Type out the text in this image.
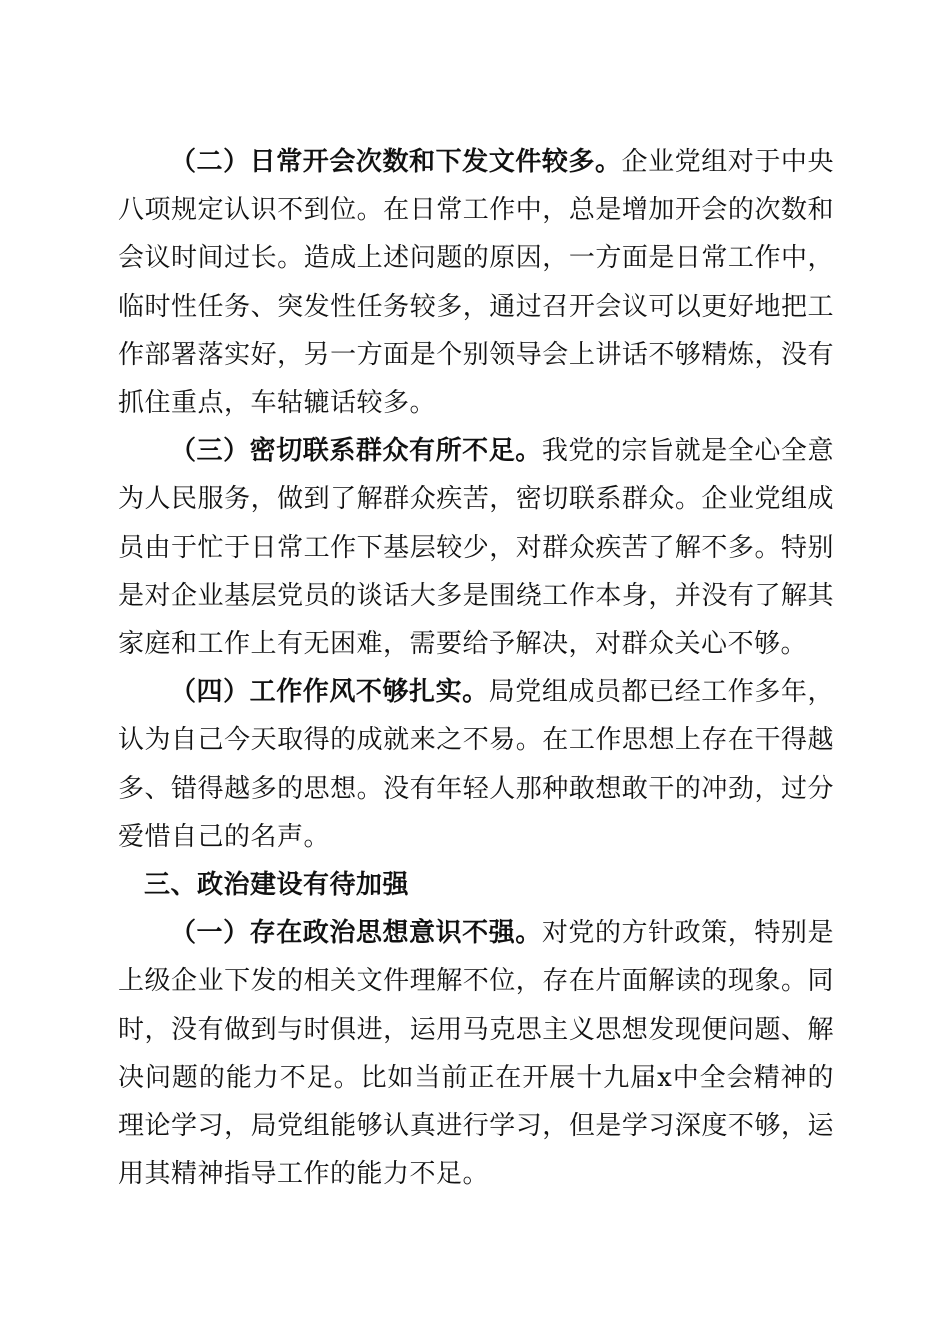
（二）日常开会次数和下发文件较多。企业党组对于中央八项规定认识不到位。在日常工作中，总是增加开会的次数和会议时间过长。造成上述问题的原因，一方面是日常工作中，临时性任务、突发性任务较多，通过召开会议可以更好地把工作部署落实好，另一方面是个别领导会上讲话不够精炼，没有抓住重点，车轱辘话较多。

（三）密切联系群众有所不足。我党的宗旨就是全心全意为人民服务，做到了解群众疾苦，密切联系群众。企业党组成员由于忙于日常工作下基层较少，对群众疾苦了解不多。特别是对企业基层党员的谈话大多是围绕工作本身，并没有了解其家庭和工作上有无困难，需要给予解决，对群众关心不够。

（四）工作作风不够扎实。局党组成员都已经工作多年，认为自己今天取得的成就来之不易。在工作思想上存在干得越多、错得越多的思想。没有年轻人那种敢想敢干的冲劲，过分爱惜自己的名声。

三、政治建设有待加强

（一）存在政治思想意识不强。对党的方针政策，特别是上级企业下发的相关文件理解不位，存在片面解读的现象。同时，没有做到与时俱进，运用马克思主义思想发现便问题、解决问题的能力不足。比如当前正在开展十九届x中全会精神的理论学习，局党组能够认真进行学习，但是学习深度不够，运用其精神指导工作的能力不足。
